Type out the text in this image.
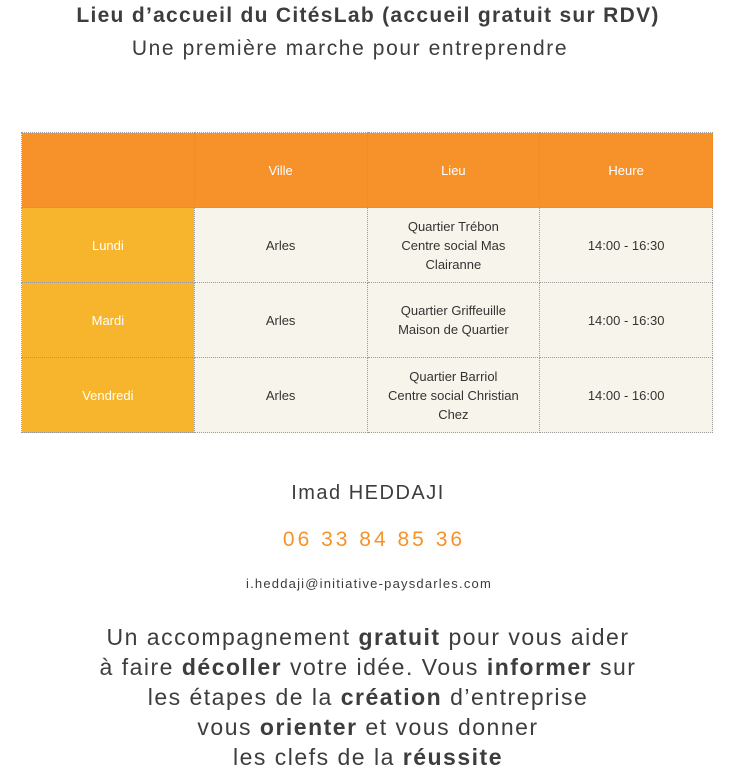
Lieu d’accueil du CitésLab (accueil gratuit sur RDV)
Une première marche pour entreprendre
	Ville	Lieu	Heure
Lundi	Arles	Quartier Trébon
Centre social Mas
Clairanne	14:00 - 16:30
Mardi	Arles	Quartier Griffeuille
Maison de Quartier	14:00 - 16:30
Vendredi	Arles	Quartier Barriol
Centre social Christian
Chez	14:00 - 16:00
Imad HEDDAJI
06 33 84 85 36
i.heddaji@initiative-paysdarles.com
Un accompagnement gratuit pour vous aider
à faire décoller votre idée. Vous informer sur
les étapes de la création d’entreprise
vous orienter et vous donner
les clefs de la réussite
